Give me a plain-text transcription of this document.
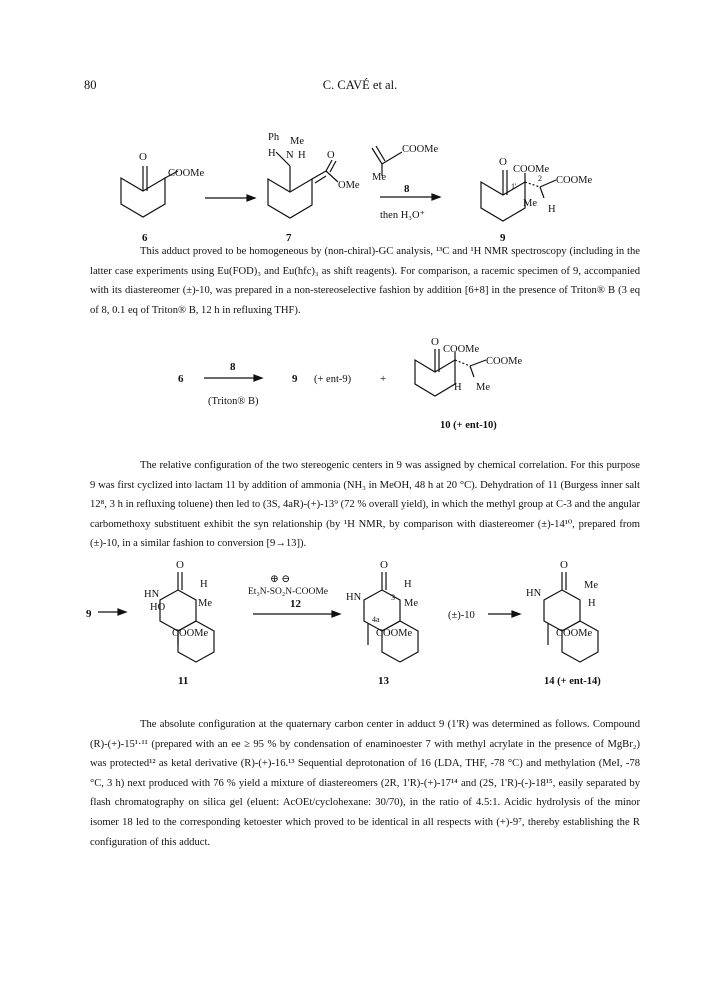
80	C. CAVÉ et al.
O
COOMe
6
Ph Me
H N H O
OMe
7
COOMe
Me
8
then H₃O⁺
O
COOMe
COOMe
Me
H
1'
2
9

This adduct proved to be homogeneous by (non-chiral)-GC analysis, ¹³C and ¹H NMR spectroscopy (including in the latter case experiments using Eu(FOD)₃ and Eu(hfc)₃ as shift reagents). For comparison, a racemic specimen of 9, accompanied with its diastereomer (±)-10, was prepared in a non-stereoselective fashion by addition [6+8] in the presence of Triton® B (3 eq of 8, 0.1 eq of Triton® B, 12 h in refluxing THF).

6
8
(Triton® B)
9 (+ ent-9)	+
O
COOMe
COOMe
H Me
10 (+ ent-10)

The relative configuration of the two stereogenic centers in 9 was assigned by chemical correlation. For this purpose 9 was first cyclized into lactam 11 by addition of ammonia (NH₃ in MeOH, 48 h at 20 °C). Dehydration of 11 (Burgess inner salt 12⁸, 3 h in refluxing toluene) then led to (3S, 4aR)-(+)-13⁹ (72 % overall yield), in which the methyl group at C-3 and the angular carbomethoxy substituent exhibit the syn relationship (by ¹H NMR, by comparison with diastereomer (±)-14¹⁰, prepared from (±)-10, in a similar fashion to conversion [9→13]).

9
HO
HN
O
H
Me
COOMe
11
⊕ ⊖
Et₃N-SO₂N-COOMe
12
HN
O
H
Me
3
4a
COOMe
13
(±)-10
HN
O
Me
H
COOMe
14 (+ ent-14)

The absolute configuration at the quaternary carbon center in adduct 9 (1'R) was determined as follows. Compound (R)-(+)-15¹·¹¹ (prepared with an ee ≥ 95 % by condensation of enaminoester 7 with methyl acrylate in the presence of MgBr₂) was protected¹² as ketal derivative (R)-(+)-16.¹³ Sequential deprotonation of 16 (LDA, THF, -78 °C) and methylation (MeI, -78 °C, 3 h) next produced with 76 % yield a mixture of diastereomers (2R, 1'R)-(+)-17¹⁴ and (2S, 1'R)-(-)-18¹⁵, easily separated by flash chromatography on silica gel (eluent: AcOEt/cyclohexane: 30/70), in the ratio of 4.5:1. Acidic hydrolysis of the minor isomer 18 led to the corresponding ketoester which proved to be identical in all respects with (+)-9⁷, thereby establishing the R configuration of this adduct.
